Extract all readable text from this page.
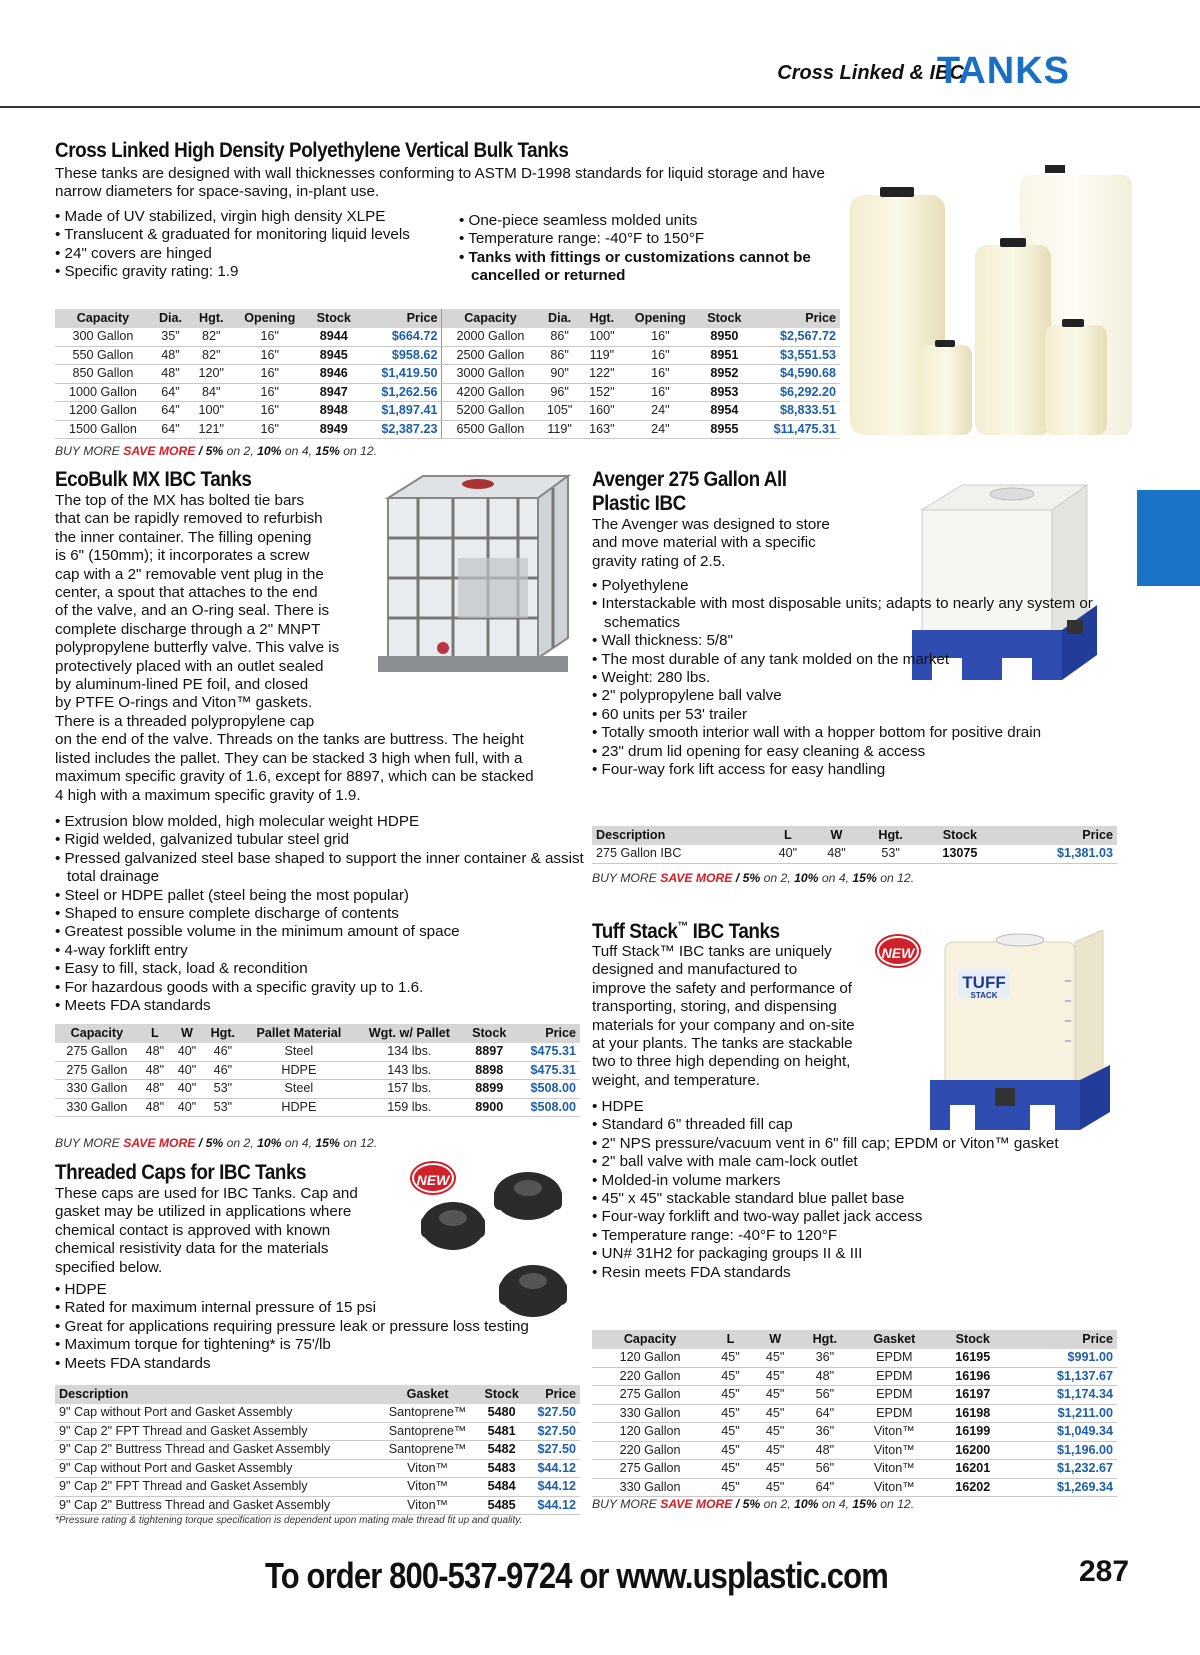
Cross Linked & IBC
TANKS
Cross Linked High Density Polyethylene Vertical Bulk Tanks
These tanks are designed with wall thicknesses conforming to ASTM D-1998 standards for liquid storage and have narrow diameters for space-saving, in-plant use.
• Made of UV stabilized, virgin high density XLPE
• Translucent & graduated for monitoring liquid levels
• 24" covers are hinged
• Specific gravity rating: 1.9
• One-piece seamless molded units
• Temperature range: -40°F to 150°F
• Tanks with fittings or customizations cannot be cancelled or returned
Capacity	Dia.	Hgt.	Opening	Stock	Price	Capacity	Dia.	Hgt.	Opening	Stock	Price
300 Gallon	35"	82"	16"	8944	$664.72	2000 Gallon	86"	100"	16"	8950	$2,567.72
550 Gallon	48"	82"	16"	8945	$958.62	2500 Gallon	86"	119"	16"	8951	$3,551.53
850 Gallon	48"	120"	16"	8946	$1,419.50	3000 Gallon	90"	122"	16"	8952	$4,590.68
1000 Gallon	64"	84"	16"	8947	$1,262.56	4200 Gallon	96"	152"	16"	8953	$6,292.20
1200 Gallon	64"	100"	16"	8948	$1,897.41	5200 Gallon	105"	160"	24"	8954	$8,833.51
1500 Gallon	64"	121"	16"	8949	$2,387.23	6500 Gallon	119"	163"	24"	8955	$11,475.31
BUY MORE SAVE MORE / 5% on 2, 10% on 4, 15% on 12.
EcoBulk MX IBC Tanks
The top of the MX has bolted tie bars
that can be rapidly removed to refurbish
the inner container. The filling opening
is 6" (150mm); it incorporates a screw
cap with a 2" removable vent plug in the
center, a spout that attaches to the end
of the valve, and an O-ring seal. There is
complete discharge through a 2" MNPT
polypropylene butterfly valve. This valve is
protectively placed with an outlet sealed
by aluminum-lined PE foil, and closed
by PTFE O-rings and Viton™ gaskets.
There is a threaded polypropylene cap
on the end of the valve. Threads on the tanks are buttress. The height
listed includes the pallet. They can be stacked 3 high when full, with a
maximum specific gravity of 1.6, except for 8897, which can be stacked
4 high with a maximum specific gravity of 1.9.
• Extrusion blow molded, high molecular weight HDPE
• Rigid welded, galvanized tubular steel grid
• Pressed galvanized steel base shaped to support the inner container & assist total drainage
• Steel or HDPE pallet (steel being the most popular)
• Shaped to ensure complete discharge of contents
• Greatest possible volume in the minimum amount of space
• 4-way forklift entry
• Easy to fill, stack, load & recondition
• For hazardous goods with a specific gravity up to 1.6.
• Meets FDA standards
Capacity	L	W	Hgt.	Pallet Material	Wgt. w/ Pallet	Stock	Price
275 Gallon	48"	40"	46"	Steel	134 lbs.	8897	$475.31
275 Gallon	48"	40"	46"	HDPE	143 lbs.	8898	$475.31
330 Gallon	48"	40"	53"	Steel	157 lbs.	8899	$508.00
330 Gallon	48"	40"	53"	HDPE	159 lbs.	8900	$508.00
BUY MORE SAVE MORE / 5% on 2, 10% on 4, 15% on 12.
Threaded Caps for IBC Tanks	NEW
These caps are used for IBC Tanks. Cap and
gasket may be utilized in applications where
chemical contact is approved with known
chemical resistivity data for the materials
specified below.
• HDPE
• Rated for maximum internal pressure of 15 psi
• Great for applications requiring pressure leak or pressure loss testing
• Maximum torque for tightening* is 75'/lb
• Meets FDA standards
Description	Gasket	Stock	Price
9" Cap without Port and Gasket Assembly	Santoprene™	5480	$27.50
9" Cap 2" FPT Thread and Gasket Assembly	Santoprene™	5481	$27.50
9" Cap 2" Buttress Thread and Gasket Assembly	Santoprene™	5482	$27.50
9" Cap without Port and Gasket Assembly	Viton™	5483	$44.12
9" Cap 2" FPT Thread and Gasket Assembly	Viton™	5484	$44.12
9" Cap 2" Buttress Thread and Gasket Assembly	Viton™	5485	$44.12
*Pressure rating & tightening torque specification is dependent upon mating male thread fit up and quality.
Avenger 275 Gallon All
Plastic IBC
The Avenger was designed to store
and move material with a specific
gravity rating of 2.5.
• Polyethylene
• Interstackable with most disposable units; adapts to nearly any system or schematics
• Wall thickness: 5/8"
• The most durable of any tank molded on the market
• Weight: 280 lbs.
• 2" polypropylene ball valve
• 60 units per 53' trailer
• Totally smooth interior wall with a hopper bottom for positive drain
• 23" drum lid opening for easy cleaning & access
• Four-way fork lift access for easy handling
Description	L	W	Hgt.	Stock	Price
275 Gallon IBC	40"	48"	53"	13075	$1,381.03
BUY MORE SAVE MORE / 5% on 2, 10% on 4, 15% on 12.
Tuff Stack™ IBC Tanks
NEW
Tuff Stack™ IBC tanks are uniquely
designed and manufactured to
improve the safety and performance of
transporting, storing, and dispensing
materials for your company and on-site
at your plants. The tanks are stackable
two to three high depending on height,
weight, and temperature.
TUFF
STACK
• HDPE
• Standard 6" threaded fill cap
• 2" NPS pressure/vacuum vent in 6" fill cap; EPDM or Viton™ gasket
• 2" ball valve with male cam-lock outlet
• Molded-in volume markers
• 45" x 45" stackable standard blue pallet base
• Four-way forklift and two-way pallet jack access
• Temperature range: -40°F to 120°F
• UN# 31H2 for packaging groups II & III
• Resin meets FDA standards
Capacity	L	W	Hgt.	Gasket	Stock	Price
120 Gallon	45"	45"	36"	EPDM	16195	$991.00
220 Gallon	45"	45"	48"	EPDM	16196	$1,137.67
275 Gallon	45"	45"	56"	EPDM	16197	$1,174.34
330 Gallon	45"	45"	64"	EPDM	16198	$1,211.00
120 Gallon	45"	45"	36"	Viton™	16199	$1,049.34
220 Gallon	45"	45"	48"	Viton™	16200	$1,196.00
275 Gallon	45"	45"	56"	Viton™	16201	$1,232.67
330 Gallon	45"	45"	64"	Viton™	16202	$1,269.34
BUY MORE SAVE MORE / 5% on 2, 10% on 4, 15% on 12.
To order 800-537-9724 or www.usplastic.com	287
